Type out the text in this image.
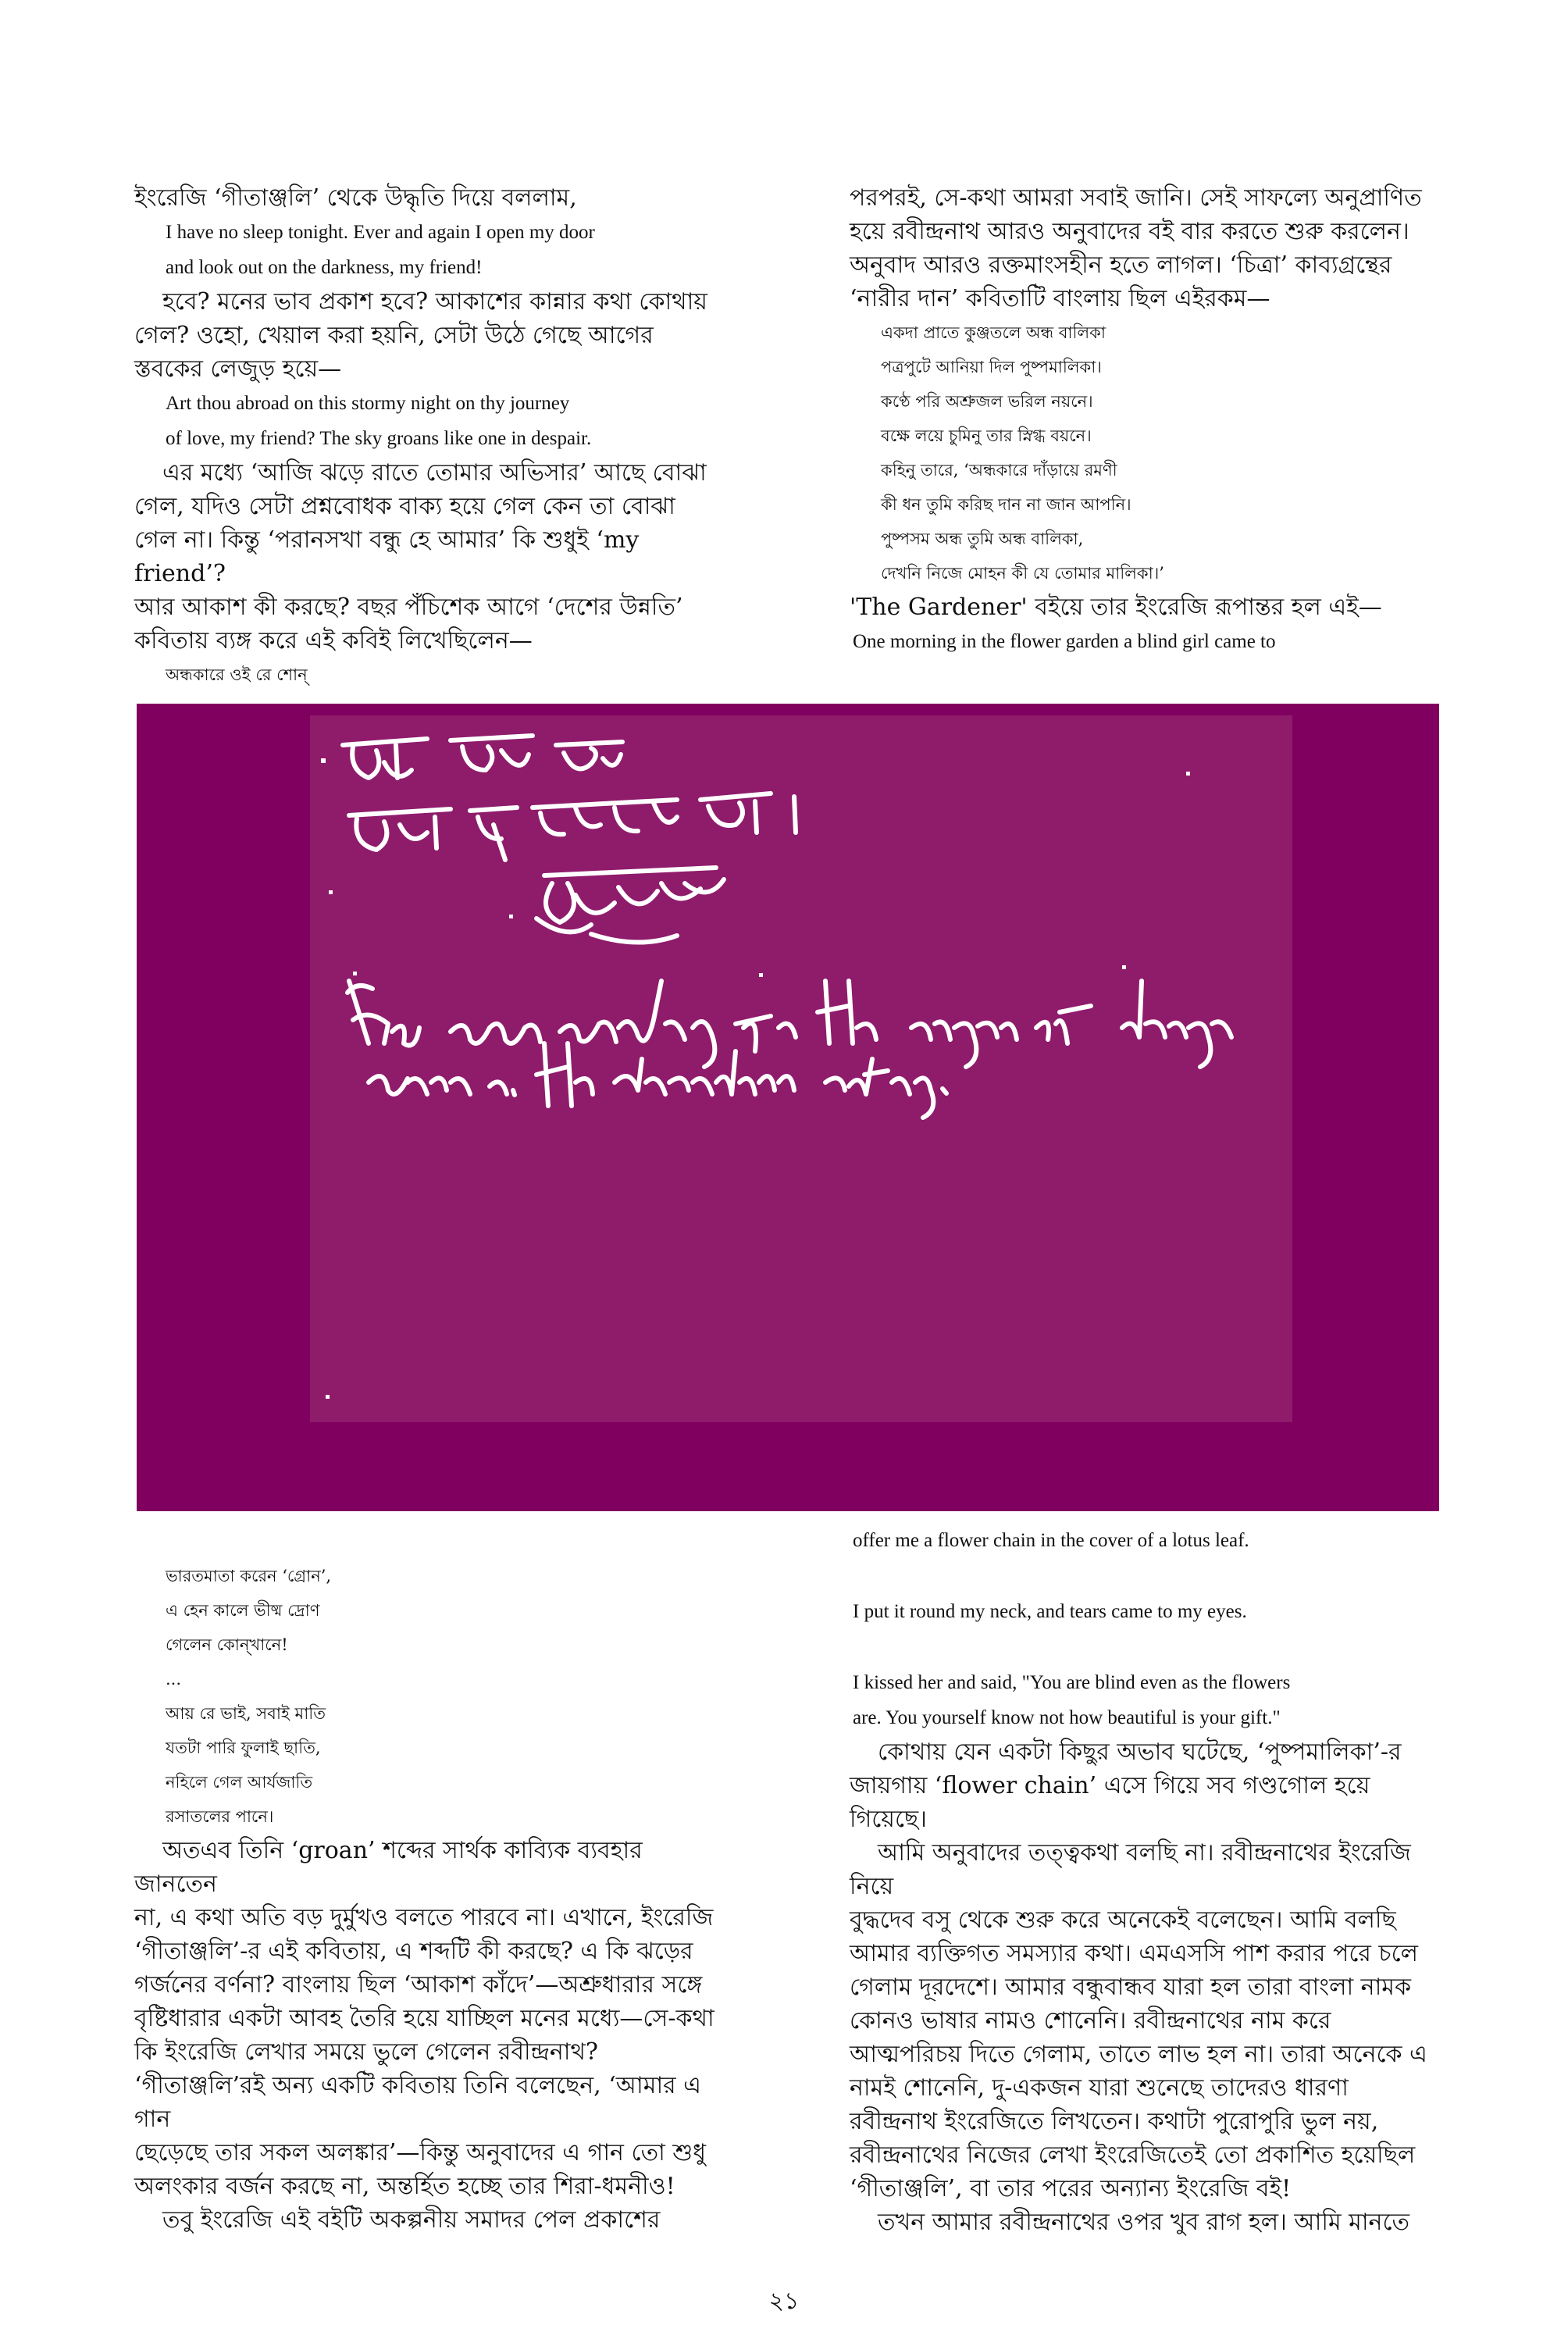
ইংরেজি ‘গীতাঞ্জলি’ থেকে উদ্ধৃতি দিয়ে বললাম,

I have no sleep tonight. Ever and again I open my door

and look out on the darkness, my friend!

হবে? মনের ভাব প্রকাশ হবে? আকাশের কান্নার কথা কোথায়

গেল? ওহো, খেয়াল করা হয়নি, সেটা উঠে গেছে আগের

স্তবকের লেজুড় হয়ে—

Art thou abroad on this stormy night on thy journey

of love, my friend? The sky groans like one in despair.

এর মধ্যে ‘আজি ঝড়ে রাতে তোমার অভিসার’ আছে বোঝা

গেল, যদিও সেটা প্রশ্নবোধক বাক্য হয়ে গেল কেন তা বোঝা

গেল না। কিন্তু ‘পরানসখা বন্ধু হে আমার’ কি শুধুই ‘my friend’?

আর আকাশ কী করছে? বছর পঁচিশেক আগে ‘দেশের উন্নতি’

কবিতায় ব্যঙ্গ করে এই কবিই লিখেছিলেন—

অন্ধকারে ওই রে শোন্

পরপরই, সে-কথা আমরা সবাই জানি। সেই সাফল্যে অনুপ্রাণিত

হয়ে রবীন্দ্রনাথ আরও অনুবাদের বই বার করতে শুরু করলেন।

অনুবাদ আরও রক্তমাংসহীন হতে লাগল। ‘চিত্রা’ কাব্যগ্রন্থের

‘নারীর দান’ কবিতাটি বাংলায় ছিল এইরকম—

একদা প্রাতে কুঞ্জতলে অন্ধ বালিকা

পত্রপুটে আনিয়া দিল পুষ্পমালিকা।

কণ্ঠে পরি অশ্রুজল ভরিল নয়নে।

বক্ষে লয়ে চুমিনু তার স্নিগ্ধ বয়নে।

কহিনু তারে, ‘অন্ধকারে দাঁড়ায়ে রমণী

কী ধন তুমি করিছ দান না জান আপনি।

পুষ্পসম অন্ধ তুমি অন্ধ বালিকা,

দেখনি নিজে মোহন কী যে তোমার মালিকা।’

'The Gardener' বইয়ে তার ইংরেজি রূপান্তর হল এই—

One morning in the flower garden a blind girl came to

ভারতমাতা করেন ‘গ্রোন’,

এ হেন কালে ভীষ্ম দ্রোণ

গেলেন কোন্‌খানে!

...

আয় রে ভাই, সবাই মাতি

যতটা পারি ফুলাই ছাতি,

নহিলে গেল আর্যজাতি

রসাতলের পানে।

অতএব তিনি ‘groan’ শব্দের সার্থক কাব্যিক ব্যবহার জানতেন

না, এ কথা অতি বড় দুর্মুখও বলতে পারবে না। এখানে, ইংরেজি

‘গীতাঞ্জলি’-র এই কবিতায়, এ শব্দটি কী করছে? এ কি ঝড়ের

গর্জনের বর্ণনা? বাংলায় ছিল ‘আকাশ কাঁদে’—অশ্রুধারার সঙ্গে

বৃষ্টিধারার একটা আবহ তৈরি হয়ে যাচ্ছিল মনের মধ্যে—সে-কথা

কি ইংরেজি লেখার সময়ে ভুলে গেলেন রবীন্দ্রনাথ?

‘গীতাঞ্জলি’রই অন্য একটি কবিতায় তিনি বলেছেন, ‘আমার এ গান

ছেড়েছে তার সকল অলঙ্কার’—কিন্তু অনুবাদের এ গান তো শুধু

অলংকার বর্জন করছে না, অন্তর্হিত হচ্ছে তার শিরা-ধমনীও!

তবু ইংরেজি এই বইটি অকল্পনীয় সমাদর পেল প্রকাশের

offer me a flower chain in the cover of a lotus leaf.

I put it round my neck, and tears came to my eyes.

I kissed her and said, "You are blind even as the flowers

are. You yourself know not how beautiful is your gift."

কোথায় যেন একটা কিছুর অভাব ঘটেছে, ‘পুষ্পমালিকা’-র

জায়গায় ‘flower chain’ এসে গিয়ে সব গণ্ডগোল হয়ে গিয়েছে।

আমি অনুবাদের তত্ত্বকথা বলছি না। রবীন্দ্রনাথের ইংরেজি নিয়ে

বুদ্ধদেব বসু থেকে শুরু করে অনেকেই বলেছেন। আমি বলছি

আমার ব্যক্তিগত সমস্যার কথা। এমএসসি পাশ করার পরে চলে

গেলাম দূরদেশে। আমার বন্ধুবান্ধব যারা হল তারা বাংলা নামক

কোনও ভাষার নামও শোনেনি। রবীন্দ্রনাথের নাম করে

আত্মপরিচয় দিতে গেলাম, তাতে লাভ হল না। তারা অনেকে এ

নামই শোনেনি, দু-একজন যারা শুনেছে তাদেরও ধারণা

রবীন্দ্রনাথ ইংরেজিতে লিখতেন। কথাটা পুরোপুরি ভুল নয়,

রবীন্দ্রনাথের নিজের লেখা ইংরেজিতেই তো প্রকাশিত হয়েছিল

‘গীতাঞ্জলি’, বা তার পরের অন্যান্য ইংরেজি বই!

তখন আমার রবীন্দ্রনাথের ওপর খুব রাগ হল। আমি মানতে

২১
